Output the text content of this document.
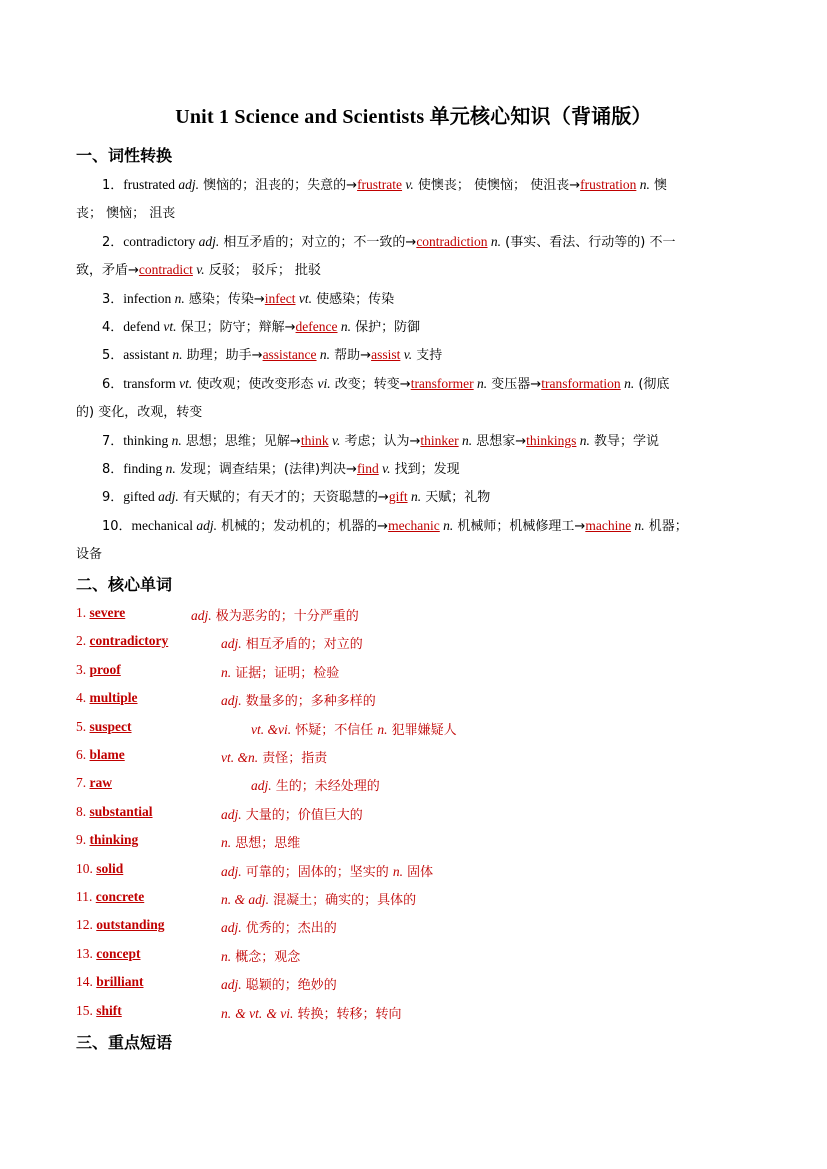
Unit 1 Science and Scientists 单元核心知识（背诵版）
一、词性转换
1．frustrated adj. 懊恼的；沮丧的；失意的→frustrate v. 使懊丧； 使懊恼； 使沮丧→frustration n. 懊
丧； 懊恼； 沮丧
2．contradictory adj. 相互矛盾的；对立的；不一致的→contradiction n. (事实、看法、行动等的) 不一
致，矛盾→contradict v. 反驳； 驳斥； 批驳
3．infection n. 感染；传染→infect vt. 使感染；传染
4．defend vt. 保卫；防守；辩解→defence n. 保护；防御
5．assistant n. 助理；助手→assistance n. 帮助→assist v. 支持
6．transform vt. 使改观；使改变形态 vi. 改变；转变→transformer n. 变压器→transformation n. (彻底
的) 变化，改观，转变
7．thinking n. 思想；思维；见解→think v. 考虑；认为→thinker n. 思想家→thinkings n. 教导；学说
8．finding n. 发现；调查结果；(法律)判决→find v. 找到；发现
9．gifted adj. 有天赋的；有天才的；天资聪慧的→gift n. 天赋；礼物
10．mechanical adj. 机械的；发动机的；机器的→mechanic n. 机械师；机械修理工→machine n. 机器；
设备
二、核心单词
1. severe	adj. 极为恶劣的；十分严重的
2. contradictory	adj. 相互矛盾的；对立的
3. proof	n. 证据；证明；检验
4. multiple	adj. 数量多的；多种多样的
5. suspect	vt. &vi. 怀疑；不信任 n. 犯罪嫌疑人
6. blame	vt. &n. 责怪；指责
7. raw	adj. 生的；未经处理的
8. substantial	adj. 大量的；价值巨大的
9. thinking	n. 思想；思维
10. solid	adj. 可靠的；固体的；坚实的 n. 固体
11. concrete	n. & adj. 混凝土；确实的；具体的
12. outstanding	adj. 优秀的；杰出的
13. concept	n. 概念；观念
14. brilliant	adj. 聪颖的；绝妙的
15. shift	n. & vt. & vi. 转换；转移；转向
三、重点短语
